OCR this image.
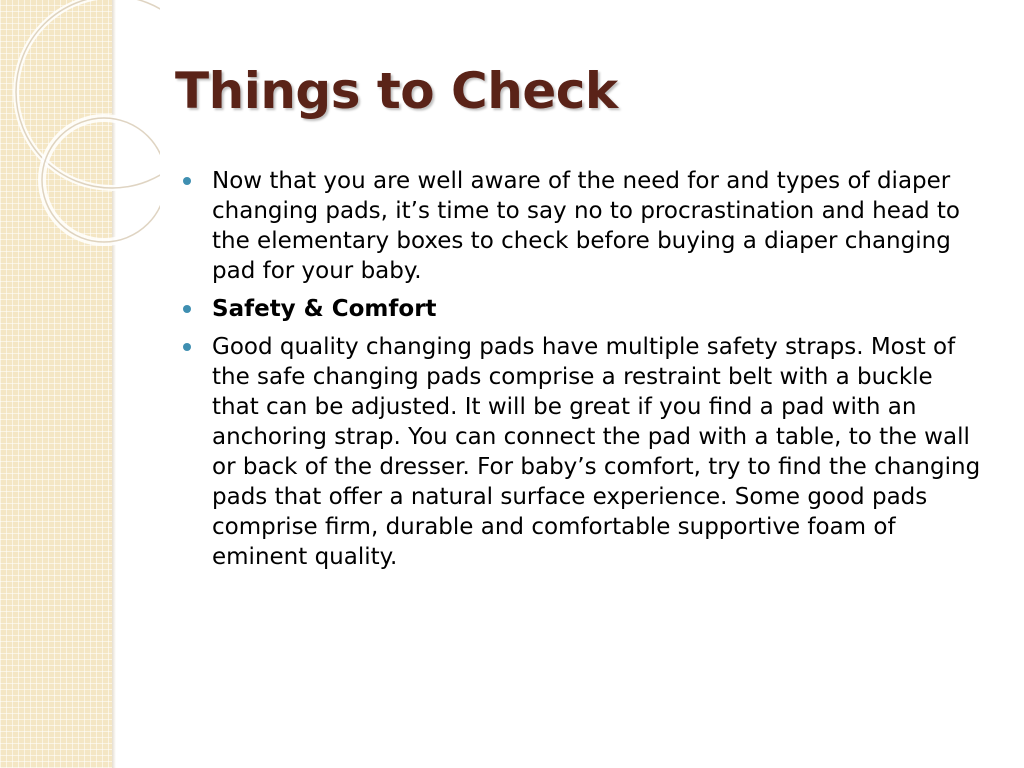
Things to Check
Now that you are well aware of the need for and types of diaper changing pads, it’s time to say no to procrastination and head to the elementary boxes to check before buying a diaper changing pad for your baby.
Safety & Comfort
Good quality changing pads have multiple safety straps. Most of the safe changing pads comprise a restraint belt with a buckle that can be adjusted. It will be great if you find a pad with an anchoring strap. You can connect the pad with a table, to the wall or back of the dresser. For baby’s comfort, try to find the changing pads that offer a natural surface experience. Some good pads comprise firm, durable and comfortable supportive foam of eminent quality.
